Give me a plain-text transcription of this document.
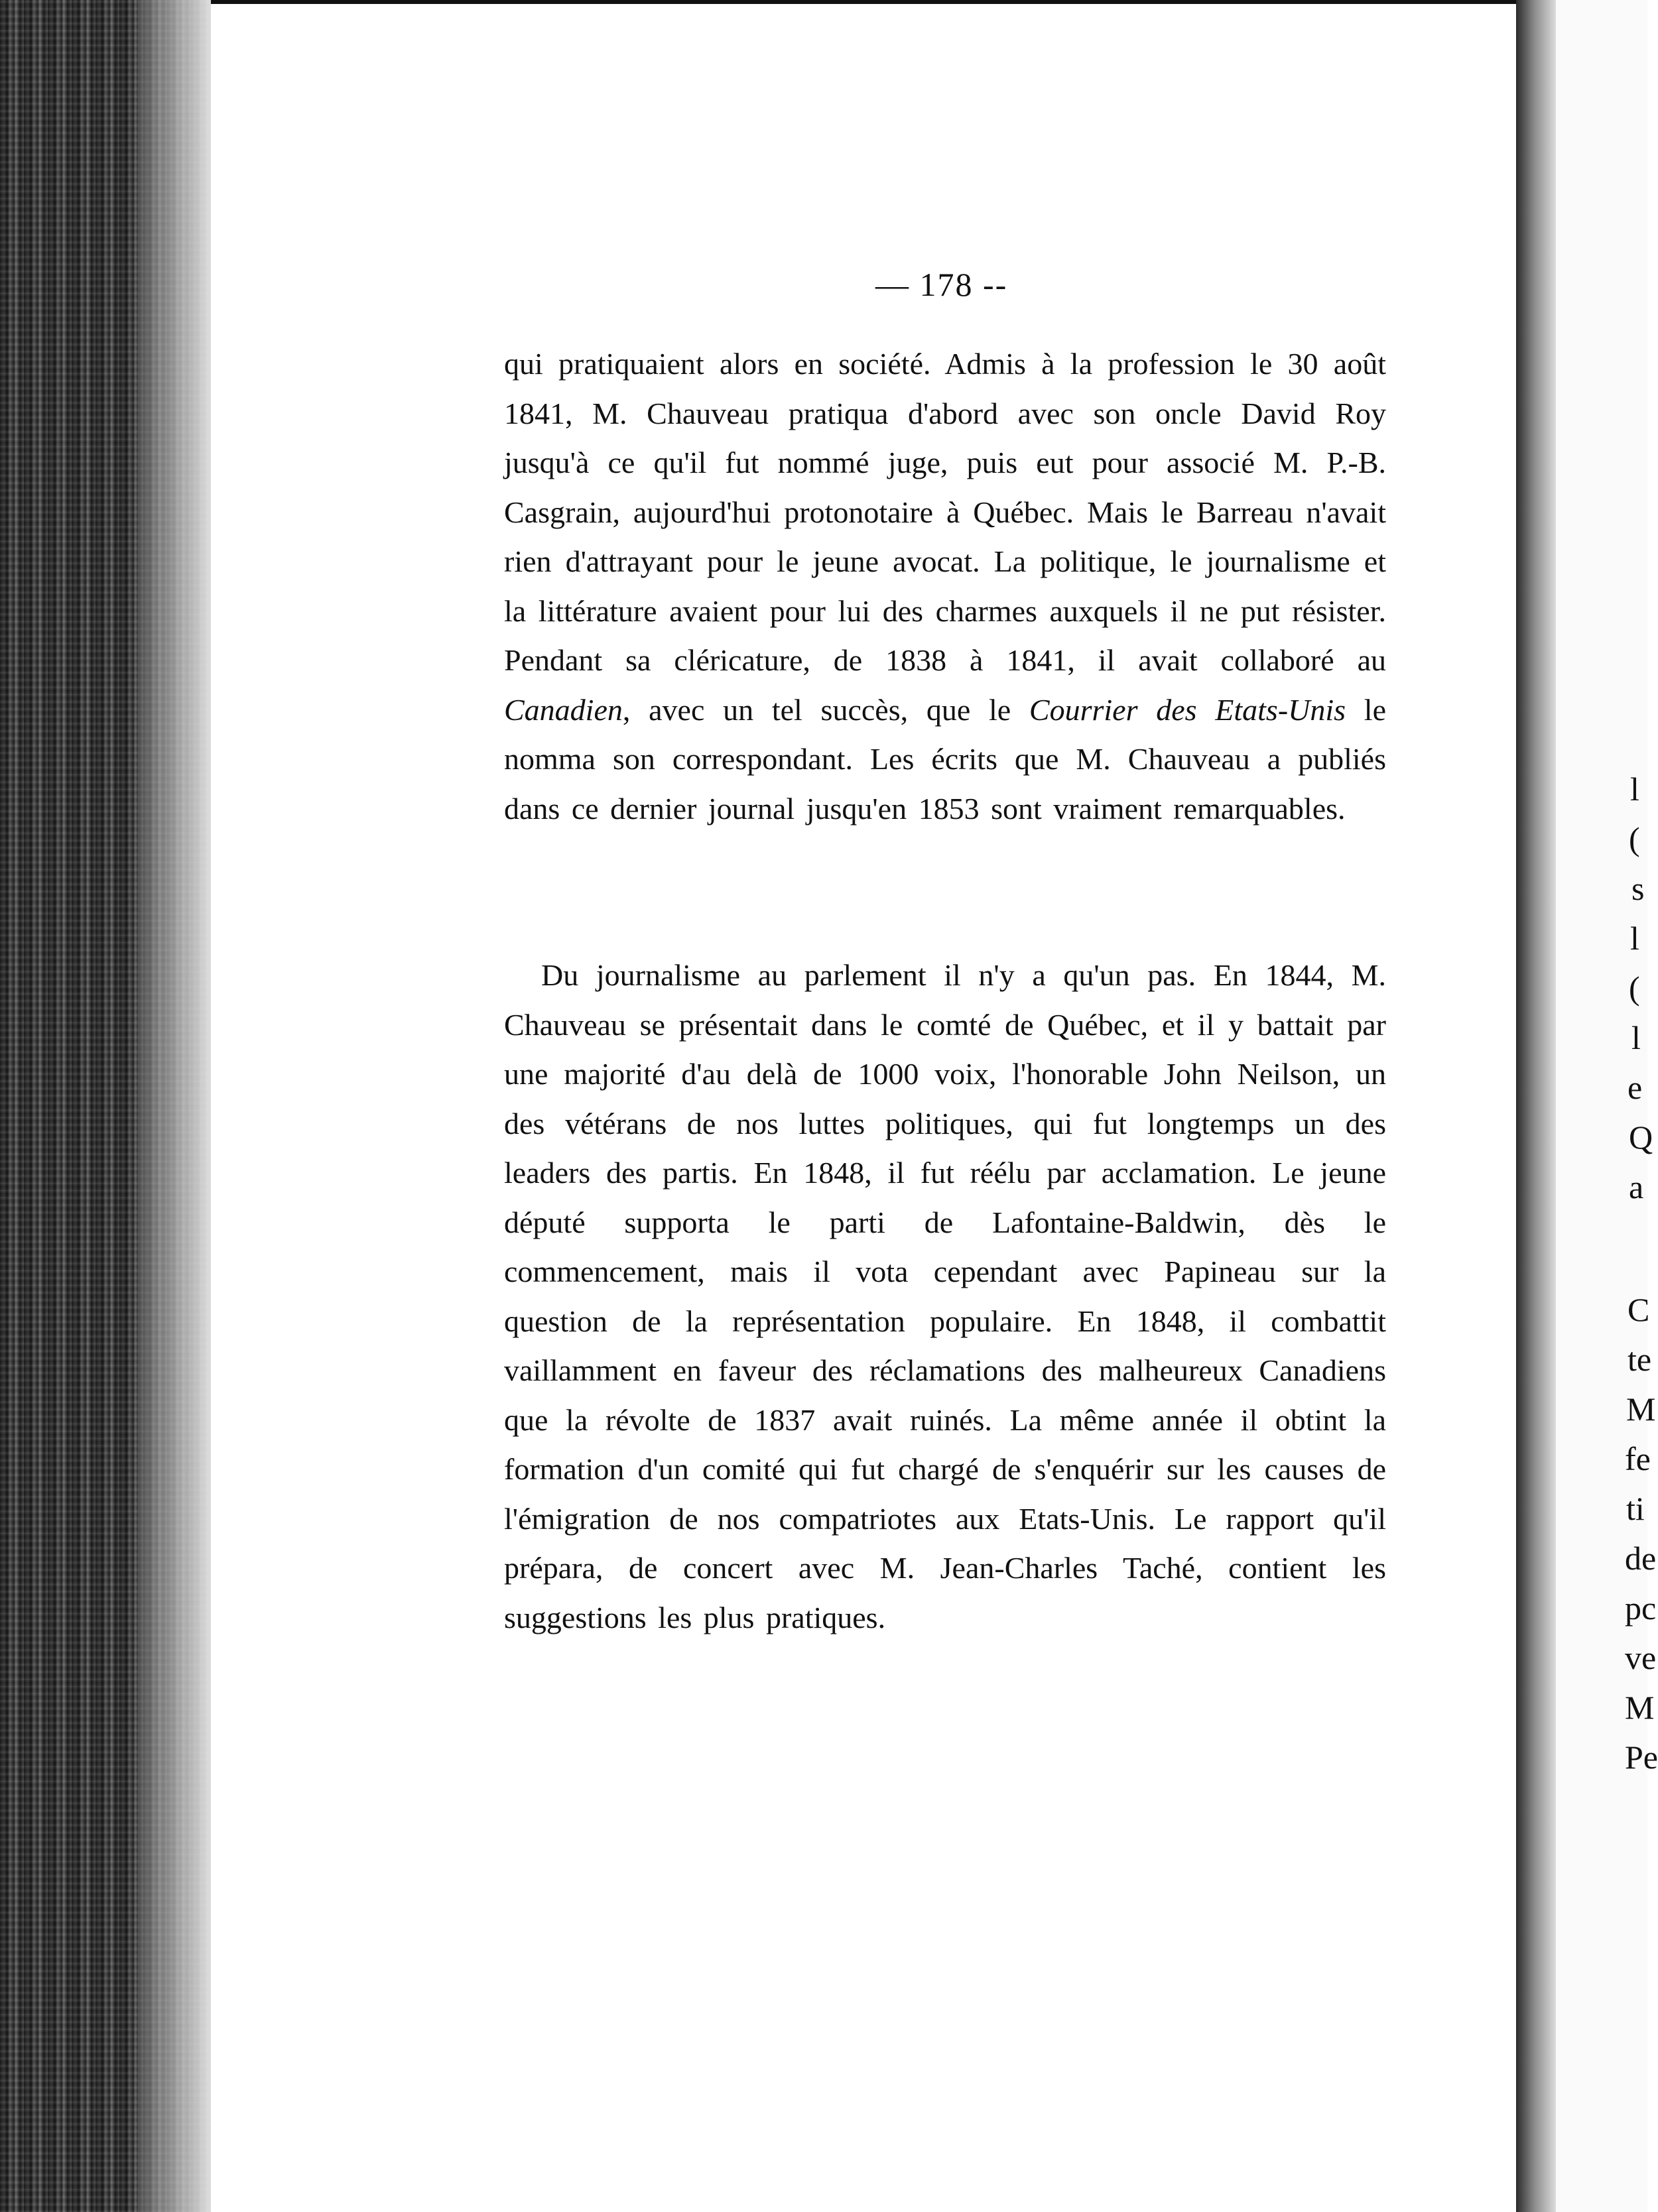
l
(
s
l
(
l
e
Q
a
C
te
M
fe
ti
de
pc
ve
M
Pe
— 178 --

qui pratiquaient alors en société. Admis à la profession le 30 août 1841, M. Chauveau pratiqua d'abord avec son oncle David Roy jusqu'à ce qu'il fut nommé juge, puis eut pour associé M. P.-B. Casgrain, aujourd'hui protonotaire à Québec. Mais le Barreau n'avait rien d'attrayant pour le jeune avocat. La politique, le journalisme et la littérature avaient pour lui des charmes auxquels il ne put résister. Pendant sa cléricature, de 1838 à 1841, il avait collaboré au Canadien, avec un tel succès, que le Courrier des Etats-Unis le nomma son correspondant. Les écrits que M. Chauveau a publiés dans ce dernier journal jusqu'en 1853 sont vraiment remarquables.

Du journalisme au parlement il n'y a qu'un pas. En 1844, M. Chauveau se présentait dans le comté de Québec, et il y battait par une majorité d'au delà de 1000 voix, l'honorable John Neilson, un des vétérans de nos luttes politiques, qui fut longtemps un des leaders des partis. En 1848, il fut réélu par acclamation. Le jeune député supporta le parti de Lafontaine-Baldwin, dès le commencement, mais il vota cependant avec Papineau sur la question de la représentation populaire. En 1848, il combattit vaillamment en faveur des réclamations des malheureux Canadiens que la révolte de 1837 avait ruinés. La même année il obtint la formation d'un comité qui fut chargé de s'enquérir sur les causes de l'émigration de nos compatriotes aux Etats-Unis. Le rapport qu'il prépara, de concert avec M. Jean-Charles Taché, contient les suggestions les plus pratiques.
